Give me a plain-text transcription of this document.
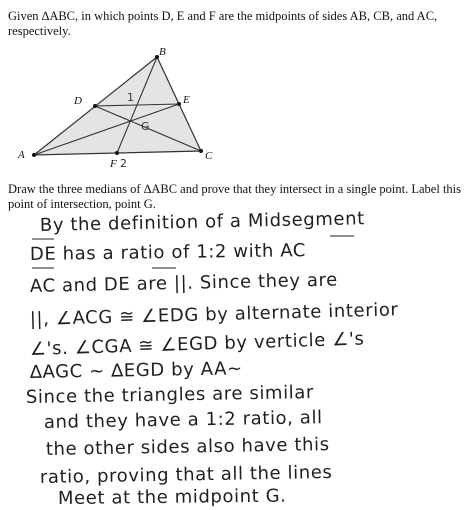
Given ∆ABC, in which points D, E and F are the midpoints of sides AB, CB, and AC, respectively.
A
B
C
D	E
F
1
G
2
Draw the three medians of ∆ABC and prove that they intersect in a single point. Label this point of intersection, point G.
By the definition of a Midsegment
DE has a ratio of 1:2 with AC
AC and DE are ||. Since they are
||, ∠ACG ≅ ∠EDG by alternate interior
∠'s. ∠CGA ≅ ∠EGD by verticle ∠'s
∆AGC ~ ∆EGD by AA~
Since the triangles are similar
and they have a 1:2 ratio, all
the other sides also have this
ratio, proving that all the lines
Meet at the midpoint G.
